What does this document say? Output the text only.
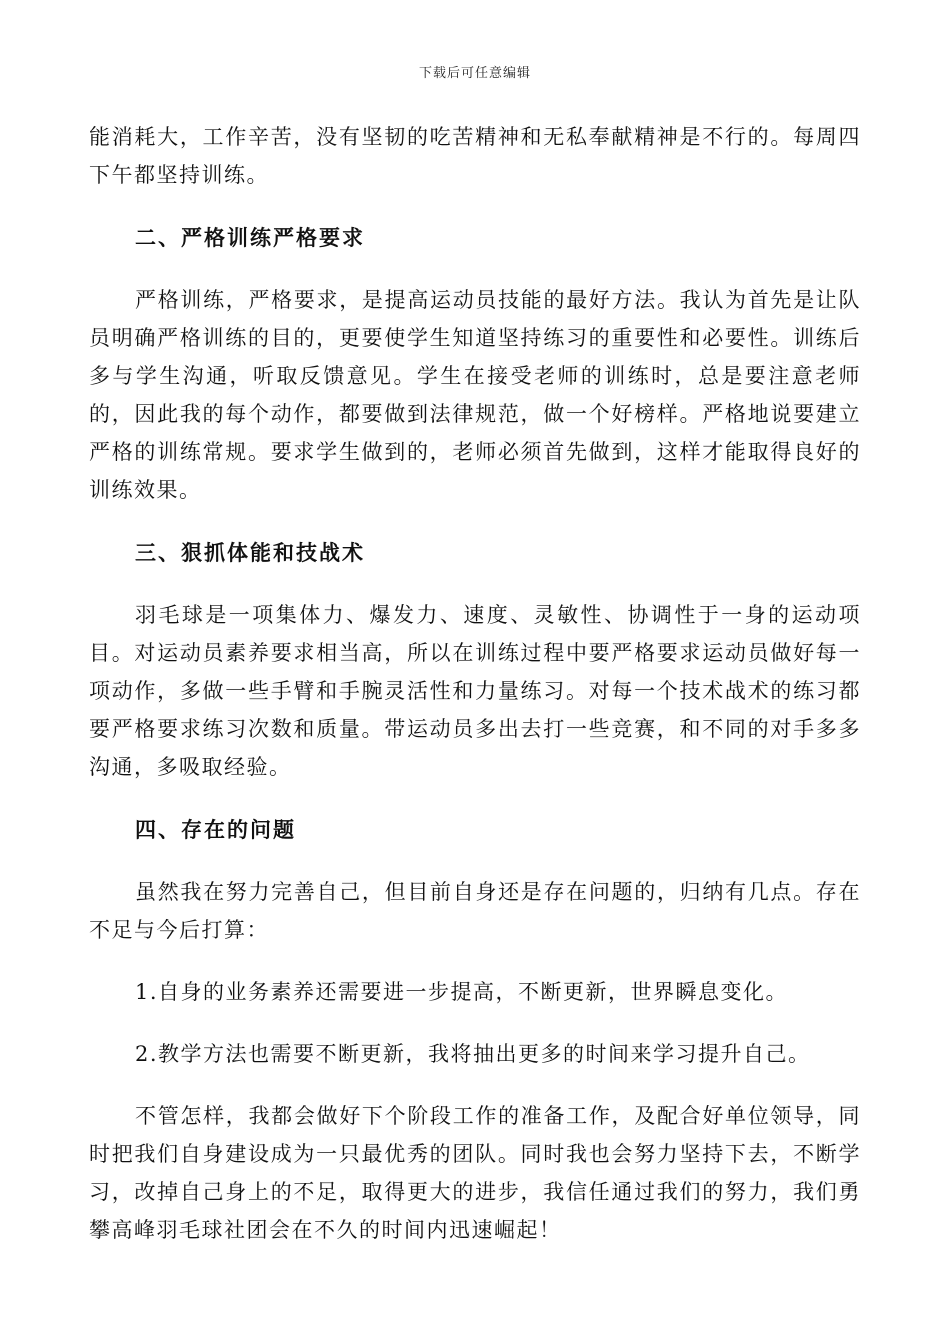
下载后可任意编辑

能消耗大，工作辛苦，没有坚韧的吃苦精神和无私奉献精神是不行的。每周四下午都坚持训练。

二、严格训练严格要求

严格训练，严格要求，是提高运动员技能的最好方法。我认为首先是让队员明确严格训练的目的，更要使学生知道坚持练习的重要性和必要性。训练后多与学生沟通，听取反馈意见。学生在接受老师的训练时，总是要注意老师的，因此我的每个动作，都要做到法律规范，做一个好榜样。严格地说要建立严格的训练常规。要求学生做到的，老师必须首先做到，这样才能取得良好的训练效果。

三、狠抓体能和技战术

羽毛球是一项集体力、爆发力、速度、灵敏性、协调性于一身的运动项目。对运动员素养要求相当高，所以在训练过程中要严格要求运动员做好每一项动作，多做一些手臂和手腕灵活性和力量练习。对每一个技术战术的练习都要严格要求练习次数和质量。带运动员多出去打一些竞赛，和不同的对手多多沟通，多吸取经验。

四、存在的问题

虽然我在努力完善自己，但目前自身还是存在问题的，归纳有几点。存在不足与今后打算：

1.自身的业务素养还需要进一步提高，不断更新，世界瞬息变化。

2.教学方法也需要不断更新，我将抽出更多的时间来学习提升自己。

不管怎样，我都会做好下个阶段工作的准备工作，及配合好单位领导，同时把我们自身建设成为一只最优秀的团队。同时我也会努力坚持下去，不断学习，改掉自己身上的不足，取得更大的进步，我信任通过我们的努力，我们勇攀高峰羽毛球社团会在不久的时间内迅速崛起！
